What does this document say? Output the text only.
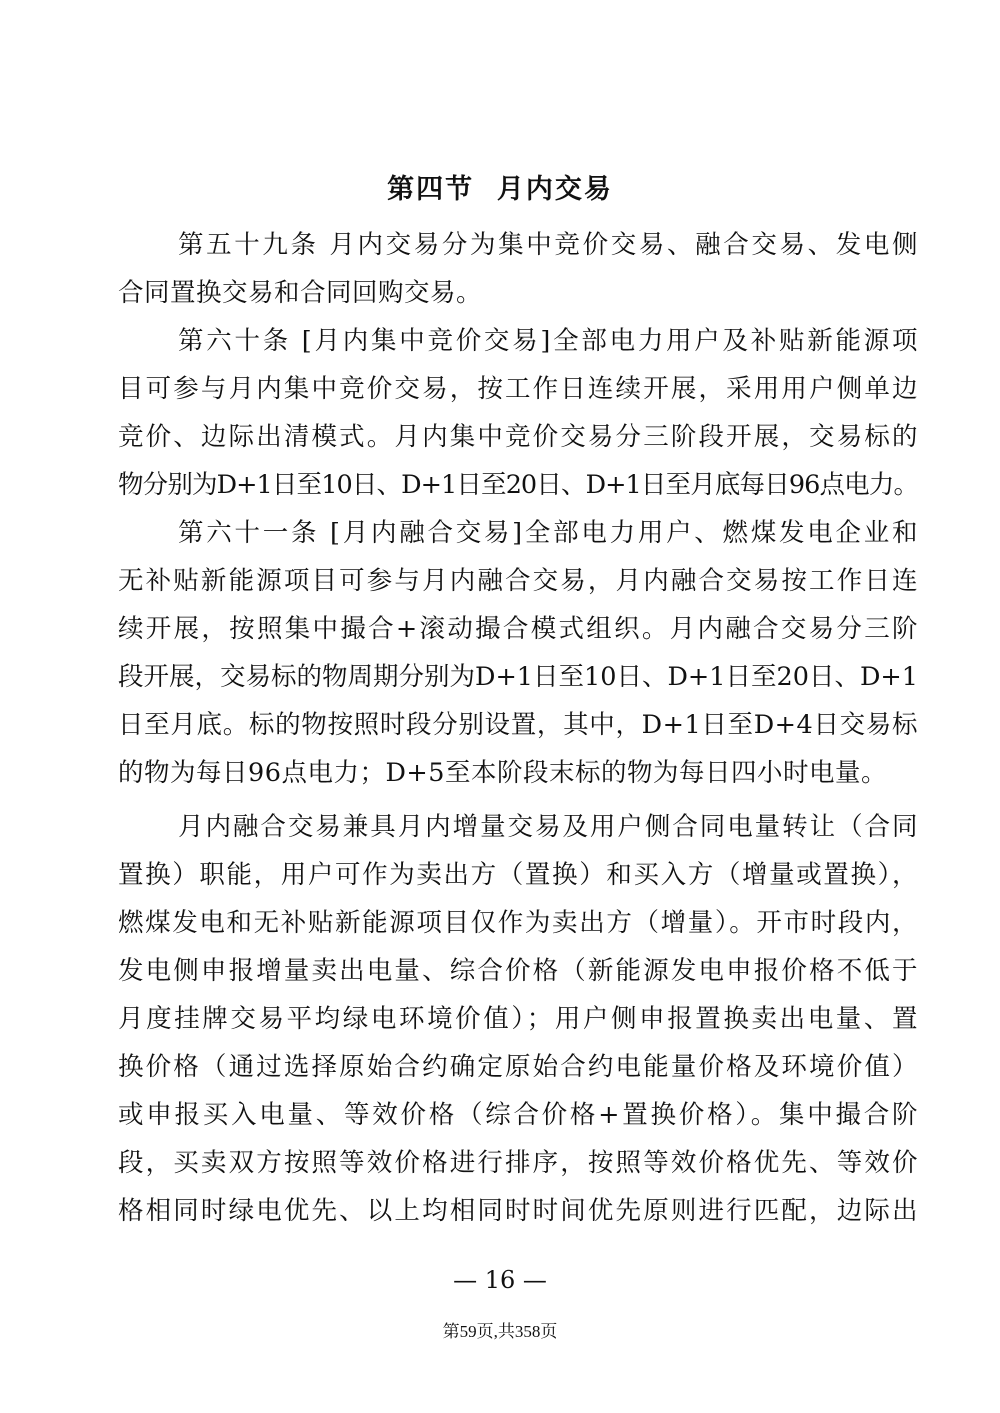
第四节  月内交易
第五十九条 月内交易分为集中竞价交易、融合交易、发电侧
合同置换交易和合同回购交易。
第六十条 [月内集中竞价交易]全部电力用户及补贴新能源项
目可参与月内集中竞价交易，按工作日连续开展，采用用户侧单边
竞价、边际出清模式。月内集中竞价交易分三阶段开展，交易标的
物分别为D+1日至10日、D+1日至20日、D+1日至月底每日96点电力。
第六十一条 [月内融合交易]全部电力用户、燃煤发电企业和
无补贴新能源项目可参与月内融合交易，月内融合交易按工作日连
续开展，按照集中撮合+滚动撮合模式组织。月内融合交易分三阶
段开展，交易标的物周期分别为D+1日至10日、D+1日至20日、D+1
日至月底。标的物按照时段分别设置，其中，D+1日至D+4日交易标
的物为每日96点电力；D+5至本阶段末标的物为每日四小时电量。
月内融合交易兼具月内增量交易及用户侧合同电量转让（合同
置换）职能，用户可作为卖出方（置换）和买入方（增量或置换），
燃煤发电和无补贴新能源项目仅作为卖出方（增量）。开市时段内，
发电侧申报增量卖出电量、综合价格（新能源发电申报价格不低于
月度挂牌交易平均绿电环境价值）；用户侧申报置换卖出电量、置
换价格（通过选择原始合约确定原始合约电能量价格及环境价值）
或申报买入电量、等效价格（综合价格+置换价格）。集中撮合阶
段，买卖双方按照等效价格进行排序，按照等效价格优先、等效价
格相同时绿电优先、以上均相同时时间优先原则进行匹配，边际出
— 16 —
第59页,共358页
